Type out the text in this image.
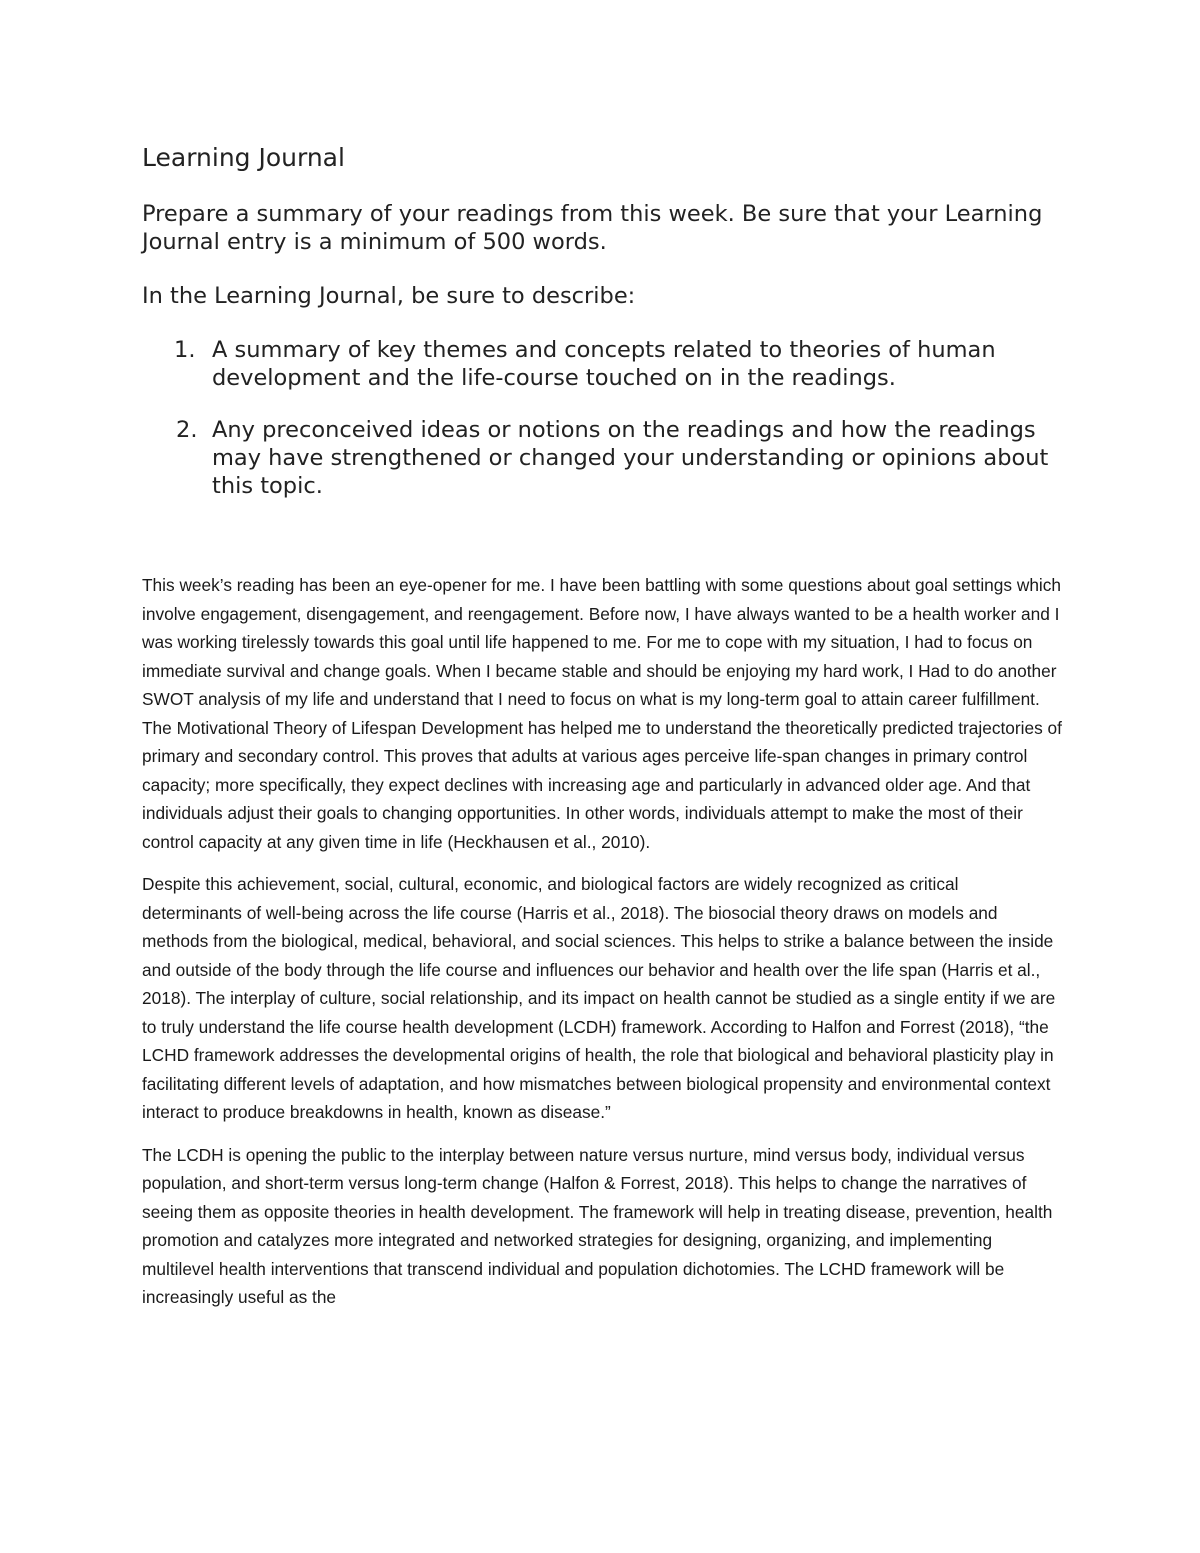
Learning Journal

Prepare a summary of your readings from this week. Be sure that your Learning Journal entry is a minimum of 500 words.

In the Learning Journal, be sure to describe:

1. A summary of key themes and concepts related to theories of human development and the life-course touched on in the readings.
2. Any preconceived ideas or notions on the readings and how the readings may have strengthened or changed your understanding or opinions about this topic.

This week’s reading has been an eye-opener for me. I have been battling with some questions about goal settings which involve engagement, disengagement, and reengagement. Before now, I have always wanted to be a health worker and I was working tirelessly towards this goal until life happened to me. For me to cope with my situation, I had to focus on immediate survival and change goals. When I became stable and should be enjoying my hard work, I Had to do another SWOT analysis of my life and understand that I need to focus on what is my long-term goal to attain career fulfillment. The Motivational Theory of Lifespan Development has helped me to understand the theoretically predicted trajectories of primary and secondary control. This proves that adults at various ages perceive life-span changes in primary control capacity; more specifically, they expect declines with increasing age and particularly in advanced older age. And that individuals adjust their goals to changing opportunities. In other words, individuals attempt to make the most of their control capacity at any given time in life (Heckhausen et al., 2010).

Despite this achievement, social, cultural, economic, and biological factors are widely recognized as critical determinants of well-being across the life course (Harris et al., 2018). The biosocial theory draws on models and methods from the biological, medical, behavioral, and social sciences. This helps to strike a balance between the inside and outside of the body through the life course and influences our behavior and health over the life span (Harris et al., 2018). The interplay of culture, social relationship, and its impact on health cannot be studied as a single entity if we are to truly understand the life course health development (LCDH) framework. According to Halfon and Forrest (2018), “the LCHD framework addresses the developmental origins of health, the role that biological and behavioral plasticity play in facilitating different levels of adaptation, and how mismatches between biological propensity and environmental context interact to produce breakdowns in health, known as disease.”

The LCDH is opening the public to the interplay between nature versus nurture, mind versus body, individual versus population, and short-term versus long-term change (Halfon & Forrest, 2018). This helps to change the narratives of seeing them as opposite theories in health development. The framework will help in treating disease, prevention, health promotion and catalyzes more integrated and networked strategies for designing, organizing, and implementing multilevel health interventions that transcend individual and population dichotomies. The LCHD framework will be increasingly useful as the
